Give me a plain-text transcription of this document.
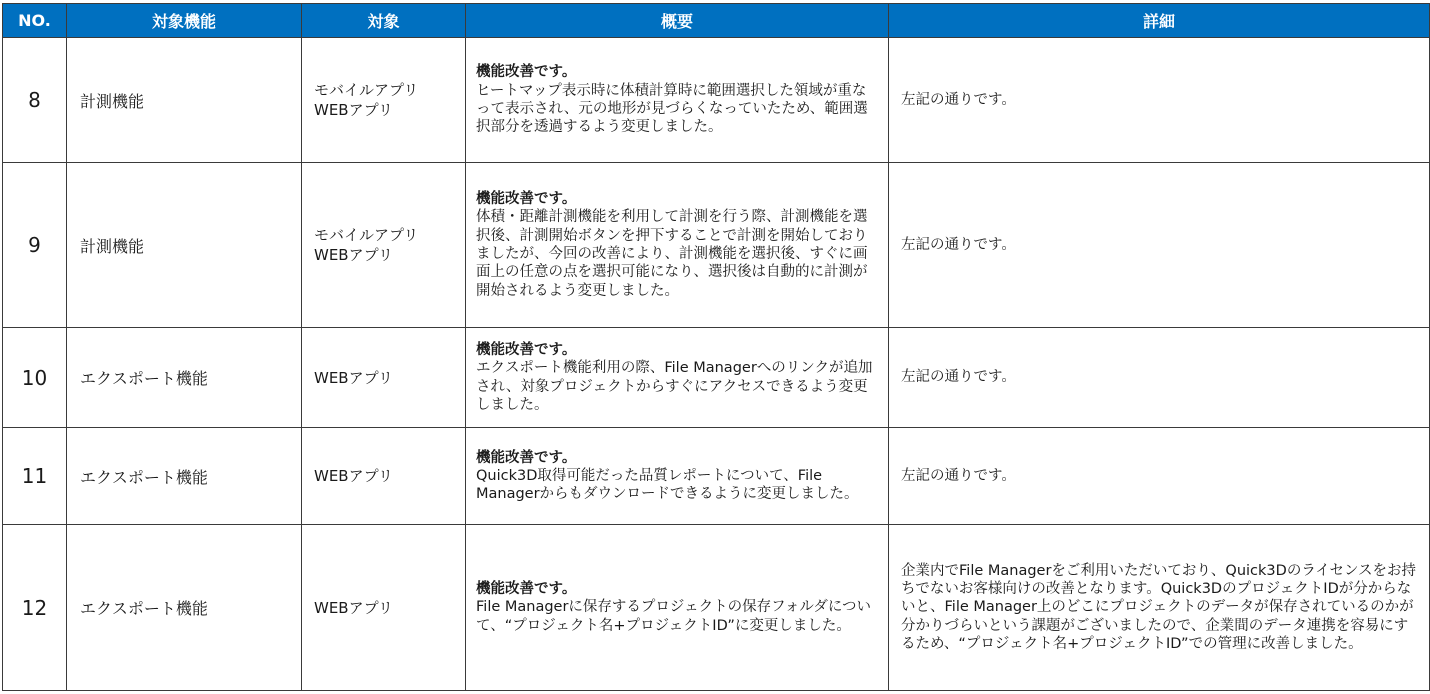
NO.	対象機能	対象	概要	詳細
8	計測機能	モバイルアプリ
WEBアプリ	機能改善です。
ヒートマップ表示時に体積計算時に範囲選択した領域が重なって表示され、元の地形が見づらくなっていたため、範囲選択部分を透過するよう変更しました。	左記の通りです。
9	計測機能	モバイルアプリ
WEBアプリ	機能改善です。
体積・距離計測機能を利用して計測を行う際、計測機能を選択後、計測開始ボタンを押下することで計測を開始しておりましたが、今回の改善により、計測機能を選択後、すぐに画面上の任意の点を選択可能になり、選択後は自動的に計測が開始されるよう変更しました。	左記の通りです。
10	エクスポート機能	WEBアプリ	機能改善です。
エクスポート機能利用の際、File Managerへのリンクが追加され、対象プロジェクトからすぐにアクセスできるよう変更しました。	左記の通りです。
11	エクスポート機能	WEBアプリ	機能改善です。
Quick3D取得可能だった品質レポートについて、File Managerからもダウンロードできるように変更しました。	左記の通りです。
12	エクスポート機能	WEBアプリ	機能改善です。
File Managerに保存するプロジェクトの保存フォルダについて、“プロジェクト名+プロジェクトID”に変更しました。	企業内でFile Managerをご利用いただいており、Quick3Dのライセンスをお持ちでないお客様向けの改善となります。Quick3DのプロジェクトIDが分からないと、File Manager上のどこにプロジェクトのデータが保存されているのかが分かりづらいという課題がございましたので、企業間のデータ連携を容易にするため、“プロジェクト名+プロジェクトID”での管理に改善しました。
